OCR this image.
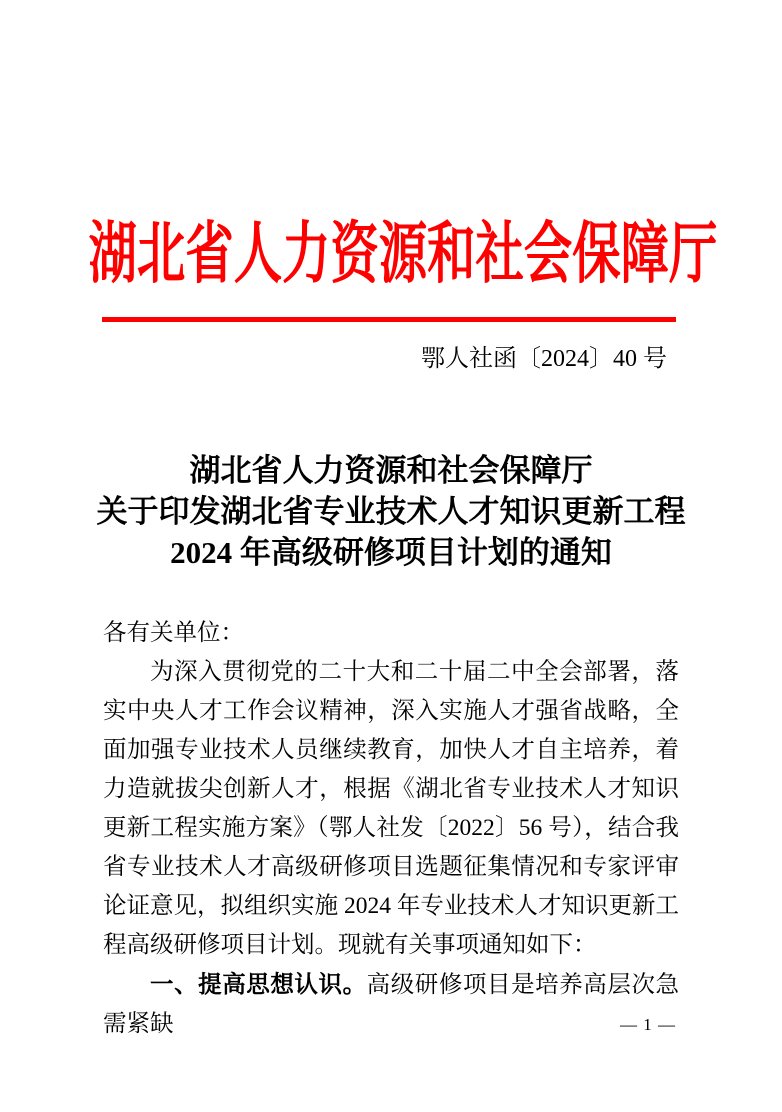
湖北省人力资源和社会保障厅
鄂人社函〔2024〕40 号
湖北省人力资源和社会保障厅
关于印发湖北省专业技术人才知识更新工程
2024 年高级研修项目计划的通知

各有关单位：

为深入贯彻党的二十大和二十届二中全会部署，落实中央人才工作会议精神，深入实施人才强省战略，全面加强专业技术人员继续教育，加快人才自主培养，着力造就拔尖创新人才，根据《湖北省专业技术人才知识更新工程实施方案》（鄂人社发〔2022〕56 号），结合我省专业技术人才高级研修项目选题征集情况和专家评审论证意见，拟组织实施 2024 年专业技术人才知识更新工程高级研修项目计划。现就有关事项通知如下：

一、提高思想认识。高级研修项目是培养高层次急需紧缺	— 1 —
